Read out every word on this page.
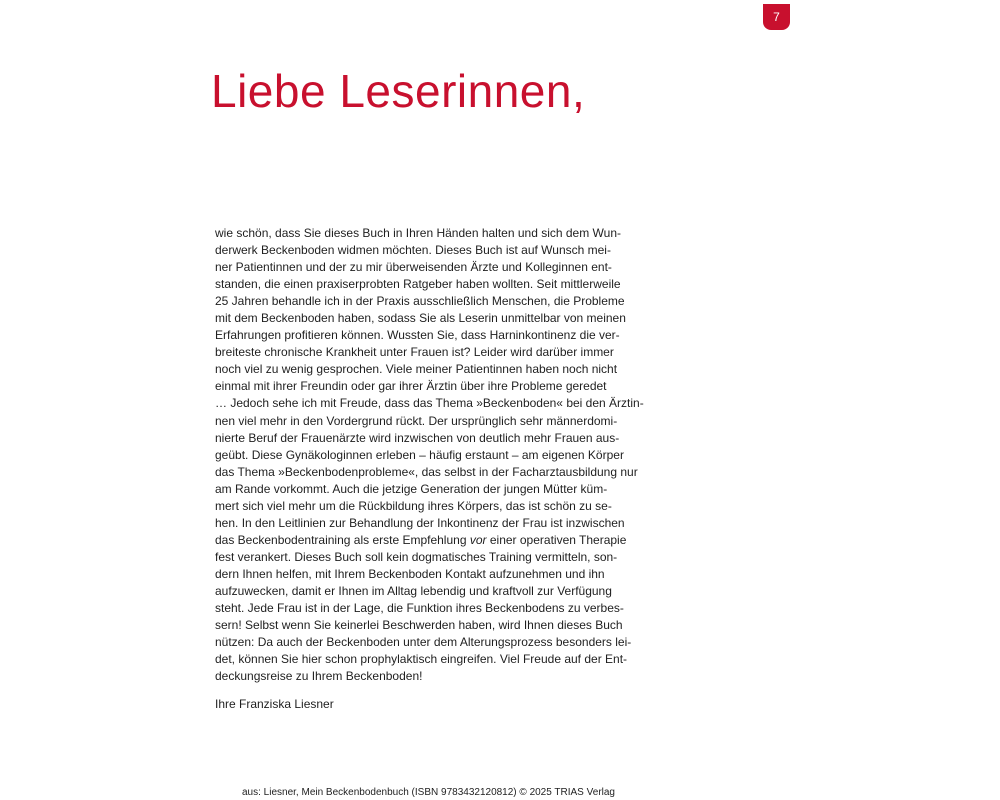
7
Liebe Leserinnen,
wie schön, dass Sie dieses Buch in Ihren Händen halten und sich dem Wun-
derwerk Beckenboden widmen möchten. Dieses Buch ist auf Wunsch mei-
ner Patientinnen und der zu mir überweisenden Ärzte und Kolleginnen ent-
standen, die einen praxiserprobten Ratgeber haben wollten. Seit mittlerweile
25 Jahren behandle ich in der Praxis ausschließlich Menschen, die Probleme
mit dem Beckenboden haben, sodass Sie als Leserin unmittelbar von meinen
Erfahrungen profitieren können. Wussten Sie, dass Harninkontinenz die ver-
breiteste chronische Krankheit unter Frauen ist? Leider wird darüber immer
noch viel zu wenig gesprochen. Viele meiner Patientinnen haben noch nicht
einmal mit ihrer Freundin oder gar ihrer Ärztin über ihre Probleme geredet
… Jedoch sehe ich mit Freude, dass das Thema »Beckenboden« bei den Ärztin-
nen viel mehr in den Vordergrund rückt. Der ursprünglich sehr männerdomi-
nierte Beruf der Frauenärzte wird inzwischen von deutlich mehr Frauen aus-
geübt. Diese Gynäkologinnen erleben – häufig erstaunt – am eigenen Körper
das Thema »Beckenbodenprobleme«, das selbst in der Facharztausbildung nur
am Rande vorkommt. Auch die jetzige Generation der jungen Mütter küm-
mert sich viel mehr um die Rückbildung ihres Körpers, das ist schön zu se-
hen. In den Leitlinien zur Behandlung der Inkontinenz der Frau ist inzwischen
das Beckenbodentraining als erste Empfehlung vor einer operativen Therapie
fest verankert. Dieses Buch soll kein dogmatisches Training vermitteln, son-
dern Ihnen helfen, mit Ihrem Beckenboden Kontakt aufzunehmen und ihn
aufzuwecken, damit er Ihnen im Alltag lebendig und kraftvoll zur Verfügung
steht. Jede Frau ist in der Lage, die Funktion ihres Beckenbodens zu verbes-
sern! Selbst wenn Sie keinerlei Beschwerden haben, wird Ihnen dieses Buch
nützen: Da auch der Beckenboden unter dem Alterungsprozess besonders lei-
det, können Sie hier schon prophylaktisch eingreifen. Viel Freude auf der Ent-
deckungsreise zu Ihrem Beckenboden!
Ihre Franziska Liesner
aus: Liesner, Mein Beckenbodenbuch (ISBN 9783432120812) © 2025 TRIAS Verlag
